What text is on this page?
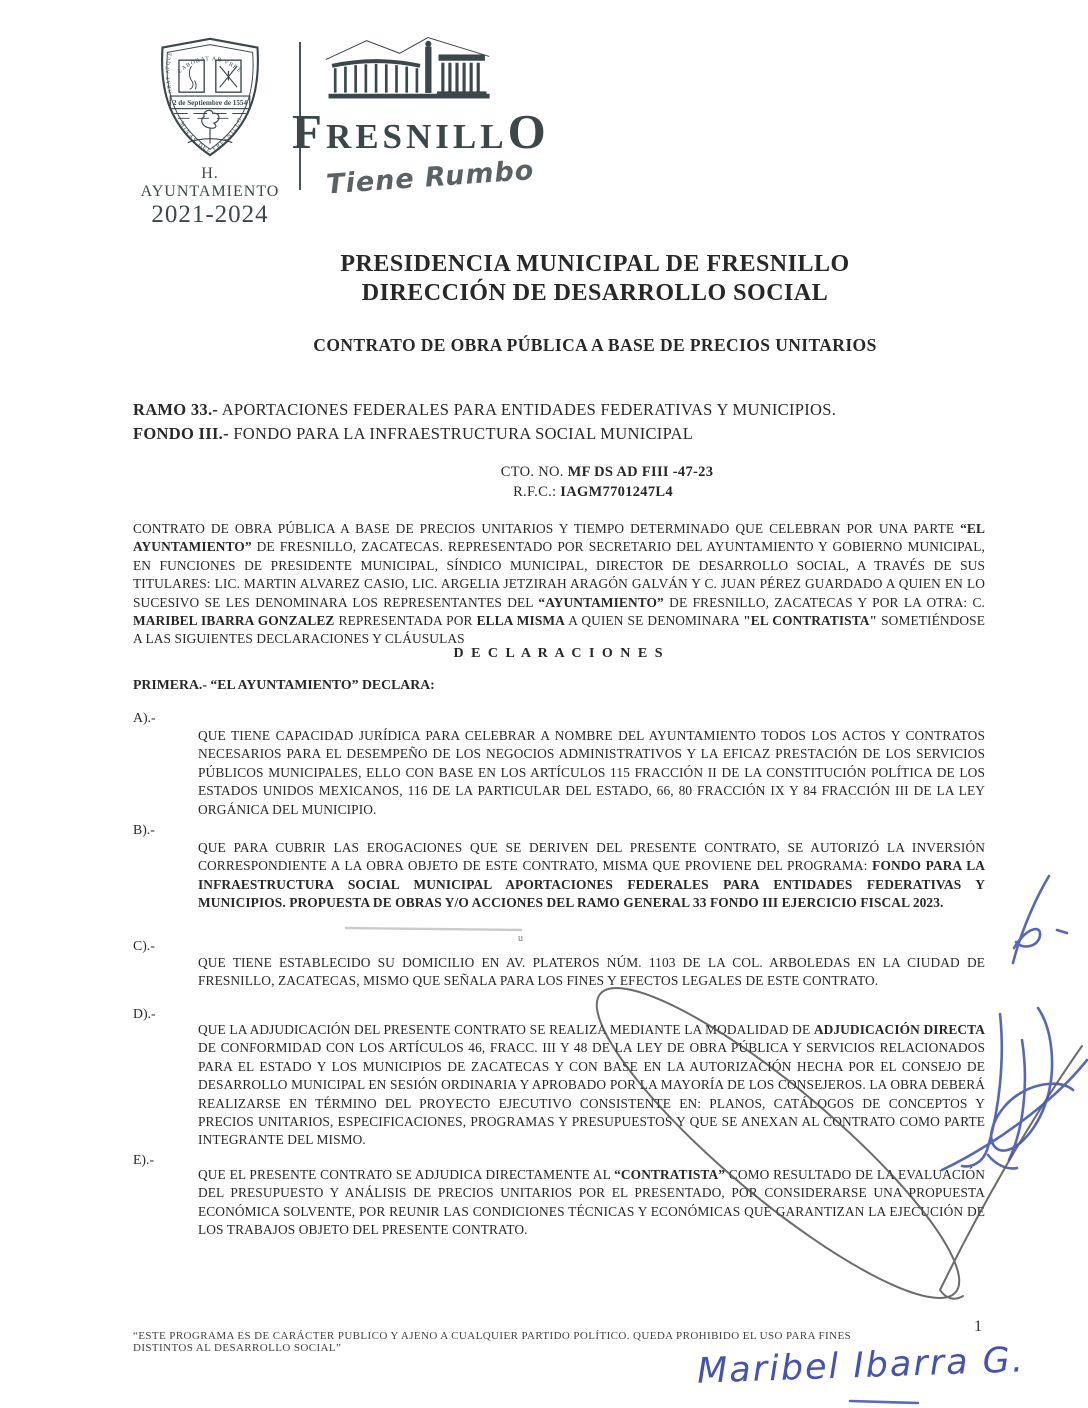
2 de Septiembre de 1554
LABORAT AB VRBE
ORAT ATQUE
MINAS DEL FRESNILLO
H. AYUNTAMIENTO
2021-2024
F RESNILL O
Tiene Rumbo
PRESIDENCIA MUNICIPAL DE FRESNILLO
DIRECCIÓN DE DESARROLLO SOCIAL
CONTRATO DE OBRA PÚBLICA A BASE DE PRECIOS UNITARIOS
RAMO 33.- APORTACIONES FEDERALES PARA ENTIDADES FEDERATIVAS Y MUNICIPIOS.
FONDO III.- FONDO PARA LA INFRAESTRUCTURA SOCIAL MUNICIPAL
CTO. NO. MF DS AD FIII -47-23
R.F.C.: IAGM7701247L4
CONTRATO DE OBRA PÚBLICA A BASE DE PRECIOS UNITARIOS Y TIEMPO DETERMINADO QUE CELEBRAN POR UNA PARTE “EL AYUNTAMIENTO” DE FRESNILLO, ZACATECAS. REPRESENTADO POR SECRETARIO DEL AYUNTAMIENTO Y GOBIERNO MUNICIPAL, EN FUNCIONES DE PRESIDENTE MUNICIPAL, SÍNDICO MUNICIPAL, DIRECTOR DE DESARROLLO SOCIAL, A TRAVÉS DE SUS TITULARES: LIC. MARTIN ALVAREZ CASIO, LIC. ARGELIA JETZIRAH ARAGÓN GALVÁN Y C. JUAN PÉREZ GUARDADO A QUIEN EN LO SUCESIVO SE LES DENOMINARA LOS REPRESENTANTES DEL “AYUNTAMIENTO” DE FRESNILLO, ZACATECAS Y POR LA OTRA: C. MARIBEL IBARRA GONZALEZ REPRESENTADA POR ELLA MISMA A QUIEN SE DENOMINARA "EL CONTRATISTA" SOMETIÉNDOSE A LAS SIGUIENTES DECLARACIONES Y CLÁUSULAS
D E C L A R A C I O N E S
PRIMERA.- “EL AYUNTAMIENTO” DECLARA:
A).-
QUE TIENE CAPACIDAD JURÍDICA PARA CELEBRAR A NOMBRE DEL AYUNTAMIENTO TODOS LOS ACTOS Y CONTRATOS NECESARIOS PARA EL DESEMPEÑO DE LOS NEGOCIOS ADMINISTRATIVOS Y LA EFICAZ PRESTACIÓN DE LOS SERVICIOS PÚBLICOS MUNICIPALES, ELLO CON BASE EN LOS ARTÍCULOS 115 FRACCIÓN II DE LA CONSTITUCIÓN POLÍTICA DE LOS ESTADOS UNIDOS MEXICANOS, 116 DE LA PARTICULAR DEL ESTADO, 66, 80 FRACCIÓN IX Y 84 FRACCIÓN III DE LA LEY ORGÁNICA DEL MUNICIPIO.
B).-
QUE PARA CUBRIR LAS EROGACIONES QUE SE DERIVEN DEL PRESENTE CONTRATO, SE AUTORIZÓ LA INVERSIÓN CORRESPONDIENTE A LA OBRA OBJETO DE ESTE CONTRATO, MISMA QUE PROVIENE DEL PROGRAMA: FONDO PARA LA INFRAESTRUCTURA SOCIAL MUNICIPAL APORTACIONES FEDERALES PARA ENTIDADES FEDERATIVAS Y MUNICIPIOS. PROPUESTA DE OBRAS Y/O ACCIONES DEL RAMO GENERAL 33 FONDO III EJERCICIO FISCAL 2023.
C).-
QUE TIENE ESTABLECIDO SU DOMICILIO EN AV. PLATEROS NÚM. 1103 DE LA COL. ARBOLEDAS EN LA CIUDAD DE FRESNILLO, ZACATECAS, MISMO QUE SEÑALA PARA LOS FINES Y EFECTOS LEGALES DE ESTE CONTRATO.
D).-
QUE LA ADJUDICACIÓN DEL PRESENTE CONTRATO SE REALIZA MEDIANTE LA MODALIDAD DE ADJUDICACIÓN DIRECTA DE CONFORMIDAD CON LOS ARTÍCULOS 46, FRACC. III Y 48 DE LA LEY DE OBRA PÚBLICA Y SERVICIOS RELACIONADOS PARA EL ESTADO Y LOS MUNICIPIOS DE ZACATECAS Y CON BASE EN LA AUTORIZACIÓN HECHA POR EL CONSEJO DE DESARROLLO MUNICIPAL EN SESIÓN ORDINARIA Y APROBADO POR LA MAYORÍA DE LOS CONSEJEROS. LA OBRA DEBERÁ REALIZARSE EN TÉRMINO DEL PROYECTO EJECUTIVO CONSISTENTE EN: PLANOS, CATÁLOGOS DE CONCEPTOS Y PRECIOS UNITARIOS, ESPECIFICACIONES, PROGRAMAS Y PRESUPUESTOS Y QUE SE ANEXAN AL CONTRATO COMO PARTE INTEGRANTE DEL MISMO.
E).-
QUE EL PRESENTE CONTRATO SE ADJUDICA DIRECTAMENTE AL “CONTRATISTA” COMO RESULTADO DE LA EVALUACIÓN DEL PRESUPUESTO Y ANÁLISIS DE PRECIOS UNITARIOS POR EL PRESENTADO, POR CONSIDERARSE UNA PROPUESTA ECONÓMICA SOLVENTE, POR REUNIR LAS CONDICIONES TÉCNICAS Y ECONÓMICAS QUE GARANTIZAN LA EJECUCIÓN DE LOS TRABAJOS OBJETO DEL PRESENTE CONTRATO.
“ESTE PROGRAMA ES DE CARÁCTER PUBLICO Y AJENO A CUALQUIER PARTIDO POLÍTICO. QUEDA PROHIBIDO EL USO PARA FINES DISTINTOS AL DESARROLLO SOCIAL”
1
Maribel Ibarra G.
u
